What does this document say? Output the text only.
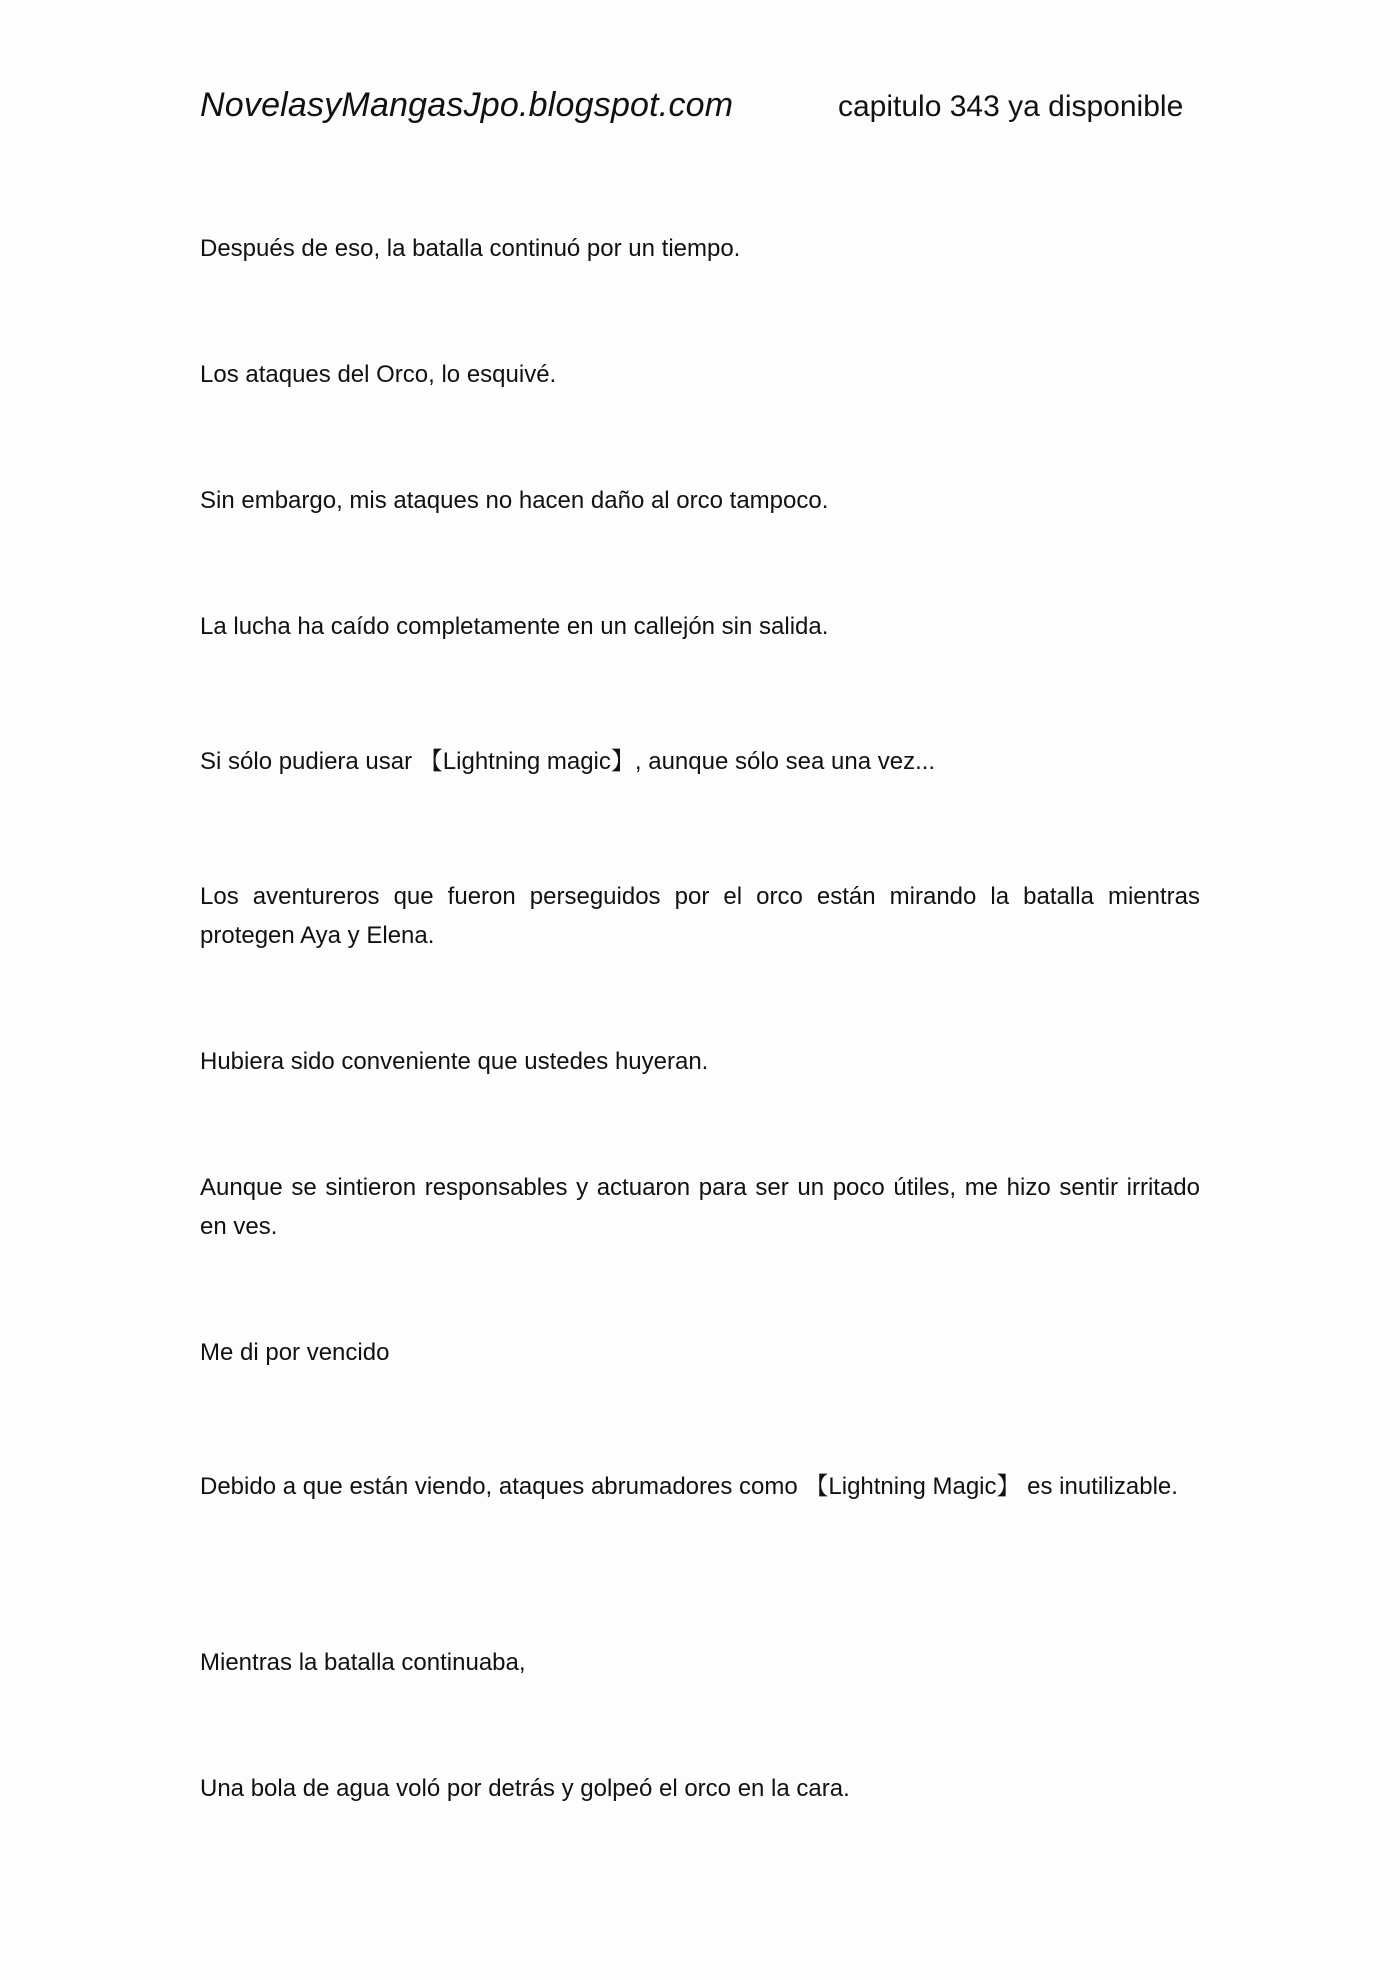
NovelasyMangasJpo.blogspot.com	capitulo 343 ya disponible

Después de eso, la batalla continuó por un tiempo.

Los ataques del Orco, lo esquivé.

Sin embargo, mis ataques no hacen daño al orco tampoco.

La lucha ha caído completamente en un callejón sin salida.

Si sólo pudiera usar 【Lightning magic】, aunque sólo sea una vez...

Los aventureros que fueron perseguidos por el orco están mirando la batalla mientras protegen Aya y Elena.

Hubiera sido conveniente que ustedes huyeran.

Aunque se sintieron responsables y actuaron para ser un poco útiles, me hizo sentir irritado en ves.

Me di por vencido

Debido a que están viendo, ataques abrumadores como 【Lightning Magic】 es inutilizable.

Mientras la batalla continuaba,

Una bola de agua voló por detrás y golpeó el orco en la cara.
